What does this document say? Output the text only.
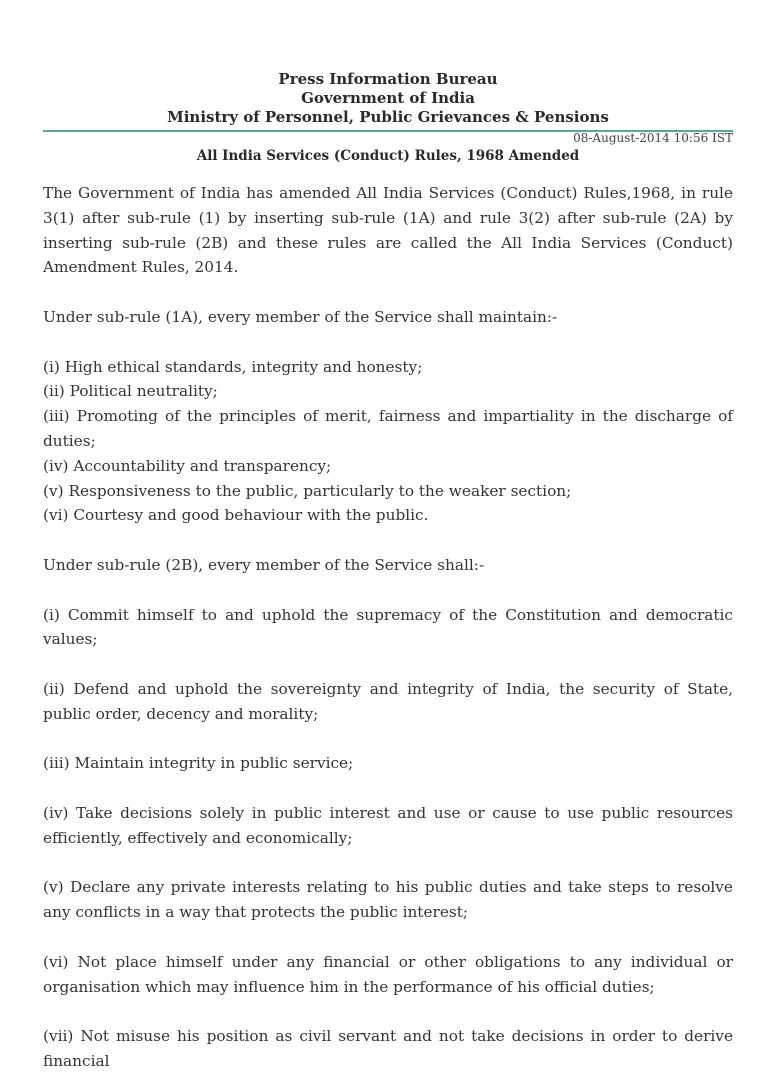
Press Information Bureau
Government of India
Ministry of Personnel, Public Grievances & Pensions
08-August-2014 10:56 IST
All India Services (Conduct) Rules, 1968 Amended

The Government of India has amended All India Services (Conduct) Rules,1968, in rule 3(1) after sub-rule (1) by inserting sub-rule (1A) and rule 3(2) after sub-rule (2A) by inserting sub-rule (2B) and these rules are called the All India Services (Conduct) Amendment Rules, 2014.

Under sub-rule (1A), every member of the Service shall maintain:-

(i) High ethical standards, integrity and honesty;
(ii) Political neutrality;
(iii) Promoting of the principles of merit, fairness and impartiality in the discharge of duties;
(iv) Accountability and transparency;
(v) Responsiveness to the public, particularly to the weaker section;
(vi) Courtesy and good behaviour with the public.

Under sub-rule (2B), every member of the Service shall:-

(i) Commit himself to and uphold the supremacy of the Constitution and democratic values;

(ii) Defend and uphold the sovereignty and integrity of India, the security of State, public order, decency and morality;

(iii) Maintain integrity in public service;

(iv) Take decisions solely in public interest and use or cause to use public resources efficiently, effectively and economically;

(v) Declare any private interests relating to his public duties and take steps to resolve any conflicts in a way that protects the public interest;

(vi) Not place himself under any financial or other obligations to any individual or organisation which may influence him in the performance of his official duties;

(vii) Not misuse his position as civil servant and not take decisions in order to derive financial
